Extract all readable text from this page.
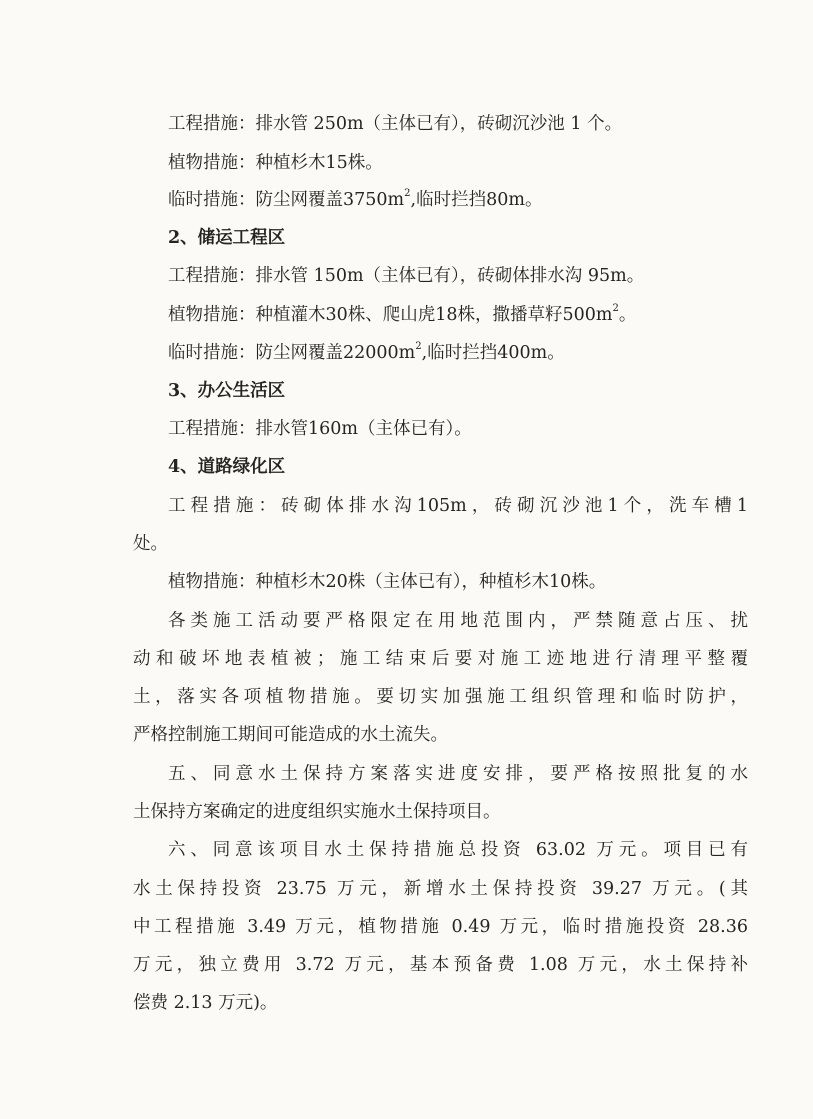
工程措施：排水管 250m（主体已有），砖砌沉沙池 1 个。
植物措施：种植杉木15株。
临时措施：防尘网覆盖$3750m^2$,临时拦挡80m。
2、储运工程区
工程措施：排水管 150m（主体已有），砖砌体排水沟 95m。
植物措施：种植灌木30株、爬山虎18株，撒播草籽$500m^2$。
临时措施：防尘网覆盖$22000m^2$,临时拦挡400m。
3、办公生活区
工程措施：排水管160m（主体已有）。
4、道路绿化区
工程措施：砖砌体排水沟105m，砖砌沉沙池1个，洗车槽1
处。
植物措施：种植杉木20株（主体已有），种植杉木10株。
各类施工活动要严格限定在用地范围内，严禁随意占压、扰
动和破坏地表植被；施工结束后要对施工迹地进行清理平整覆
土，落实各项植物措施。要切实加强施工组织管理和临时防护，
严格控制施工期间可能造成的水土流失。
五、同意水土保持方案落实进度安排，要严格按照批复的水
土保持方案确定的进度组织实施水土保持项目。
六、同意该项目水土保持措施总投资 63.02 万元。项目已有
水土保持投资 23.75 万元，新增水土保持投资 39.27 万元。(其
中工程措施 3.49 万元，植物措施 0.49 万元，临时措施投资 28.36
万元，独立费用 3.72 万元，基本预备费 1.08 万元，水土保持补
偿费 2.13 万元)。
